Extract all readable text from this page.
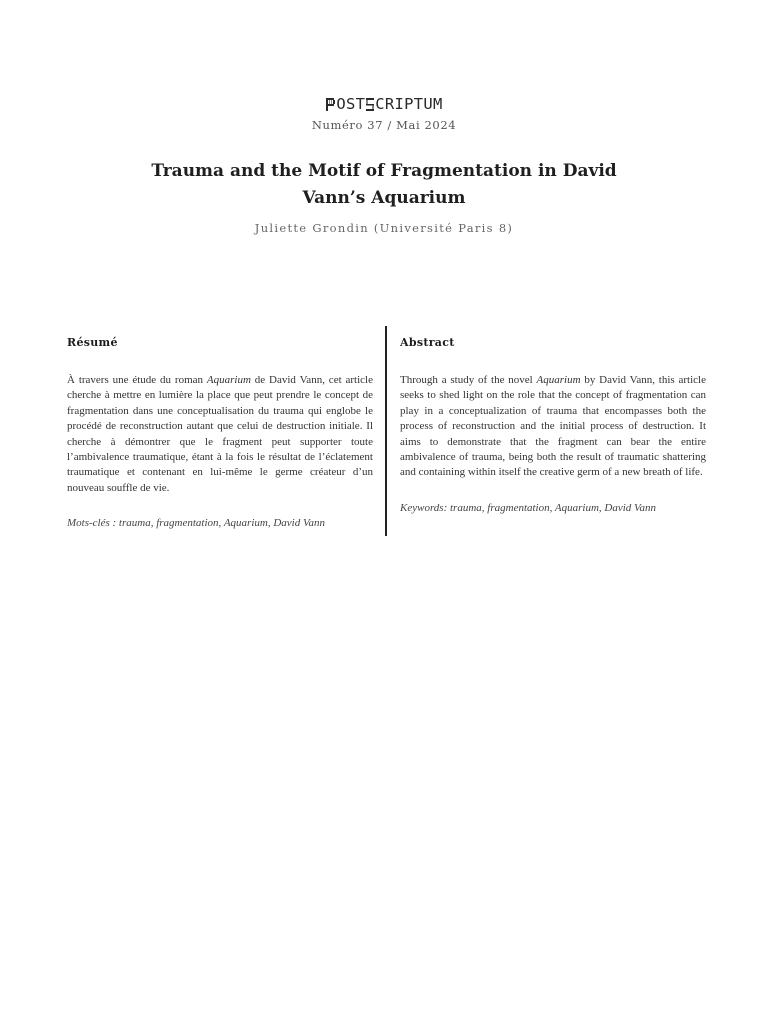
OST CRIPTUM
Numéro 37 / Mai 2024
Trauma and the Motif of Fragmentation in David Vann’s Aquarium
Juliette Grondin (Université Paris 8)
Résumé
À travers une étude du roman Aquarium de David Vann, cet article cherche à mettre en lumière la place que peut prendre le concept de fragmentation dans une conceptualisation du trauma qui englobe le procédé de reconstruction autant que celui de destruction initiale. Il cherche à démontrer que le fragment peut supporter toute l’ambivalence traumatique, étant à la fois le résultat de l’éclatement traumatique et contenant en lui-même le germe créateur d’un nouveau souffle de vie.
Mots-clés : trauma, fragmentation, Aquarium, David Vann
Abstract
Through a study of the novel Aquarium by David Vann, this article seeks to shed light on the role that the concept of fragmentation can play in a conceptualization of trauma that encompasses both the process of reconstruction and the initial process of destruction. It aims to demonstrate that the fragment can bear the entire ambivalence of trauma, being both the result of traumatic shattering and containing within itself the creative germ of a new breath of life.
Keywords: trauma, fragmentation, Aquarium, David Vann
